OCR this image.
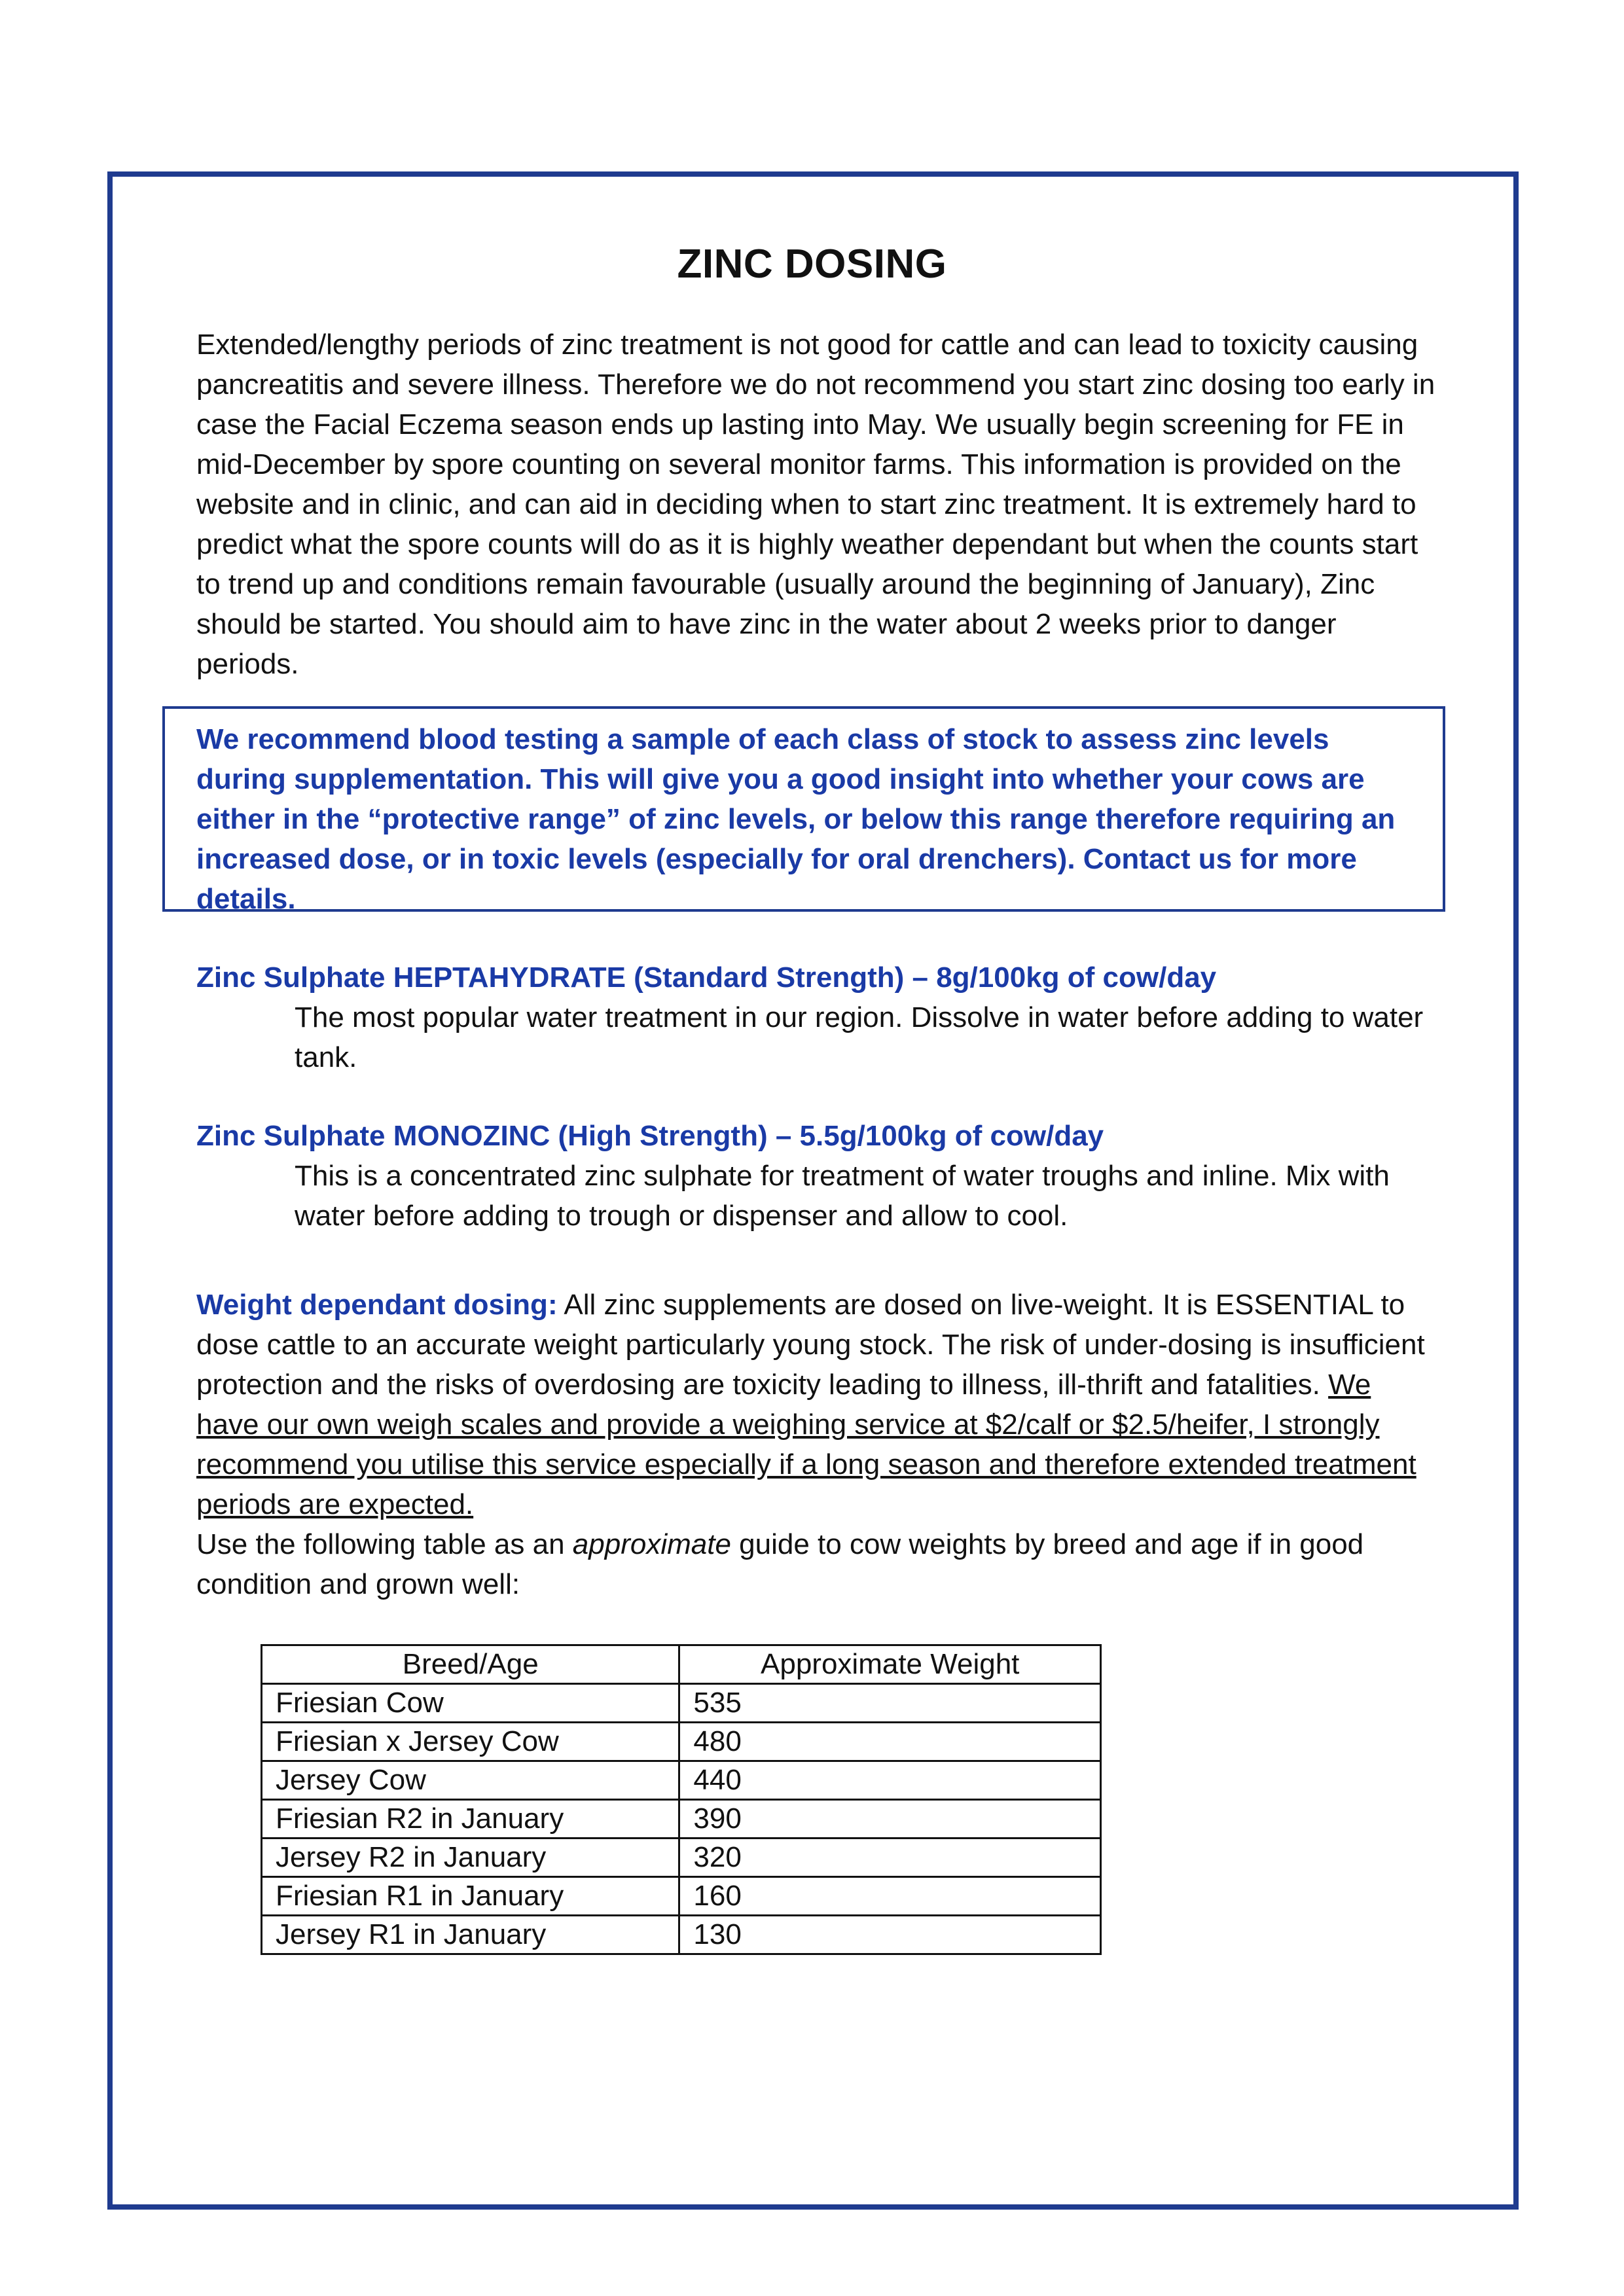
ZINC DOSING

Extended/lengthy periods of zinc treatment is not good for cattle and can lead to toxicity causing pancreatitis and severe illness. Therefore we do not recommend you start zinc dosing too early in case the Facial Eczema season ends up lasting into May. We usually begin screening for FE in mid-December by spore counting on several monitor farms. This information is provided on the website and in clinic, and can aid in deciding when to start zinc treatment. It is extremely hard to predict what the spore counts will do as it is highly weather dependant but when the counts start to trend up and conditions remain favourable (usually around the beginning of January), Zinc should be started. You should aim to have zinc in the water about 2 weeks prior to danger periods.

We recommend blood testing a sample of each class of stock to assess zinc levels during supplementation. This will give you a good insight into whether your cows are either in the “protective range” of zinc levels, or below this range therefore requiring an increased dose, or in toxic levels (especially for oral drenchers). Contact us for more details.

Zinc Sulphate HEPTAHYDRATE (Standard Strength) – 8g/100kg of cow/day

The most popular water treatment in our region. Dissolve in water before adding to water tank.

Zinc Sulphate MONOZINC (High Strength) – 5.5g/100kg of cow/day

This is a concentrated zinc sulphate for treatment of water troughs and inline. Mix with water before adding to trough or dispenser and allow to cool.

Weight dependant dosing: All zinc supplements are dosed on live-weight. It is ESSENTIAL to dose cattle to an accurate weight particularly young stock. The risk of under-dosing is insufficient protection and the risks of overdosing are toxicity leading to illness, ill-thrift and fatalities. We have our own weigh scales and provide a weighing service at $2/calf or $2.5/heifer, I strongly recommend you utilise this service especially if a long season and therefore extended treatment periods are expected.
Use the following table as an approximate guide to cow weights by breed and age if in good condition and grown well:

Breed/Age	Approximate Weight
Friesian Cow	535
Friesian x Jersey Cow	480
Jersey Cow	440
Friesian R2 in January	390
Jersey R2 in January	320
Friesian R1 in January	160
Jersey R1 in January	130
